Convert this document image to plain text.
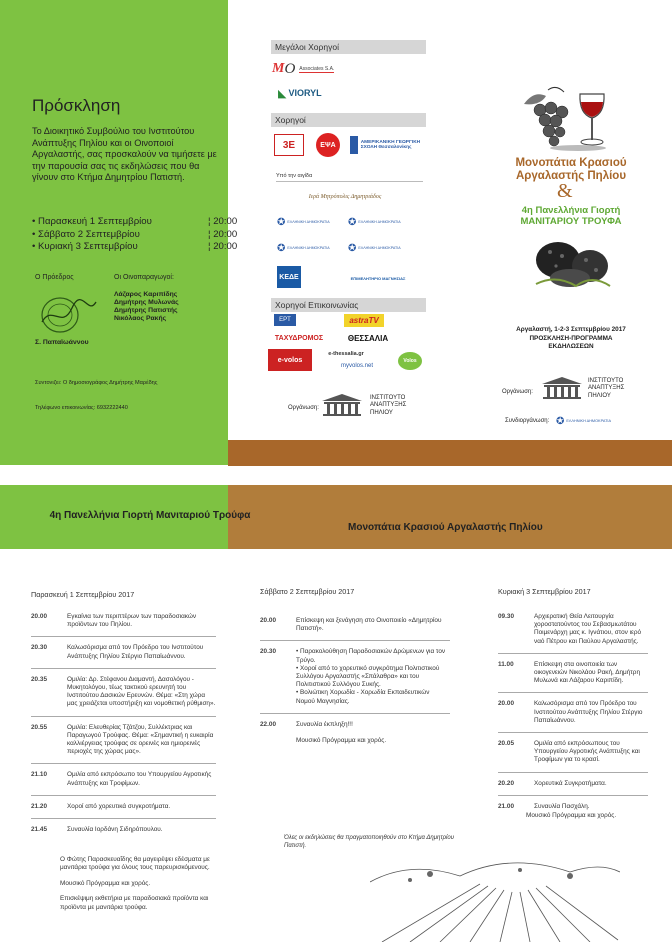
Πρόσκληση
Το Διοικητικό Συμβούλιο του Ινστιτούτου Ανάπτυξης Πηλίου και οι Οινοποιοί Αργαλαστής, σας προσκαλούν να τιμήσετε με την παρουσία σας τις εκδηλώσεις που θα γίνουν στο Κτήμα Δημητρίου Πατιστή.
• Παρασκευή 1 Σεπτεμβρίου	¦ 20:00
• Σάββατο 2 Σεπτεμβρίου	¦ 20:00
• Κυριακή 3 Σεπτεμβρίου	¦ 20:00
Ο Πρόεδρος	Οι Οινοπαραγωγοί:
Λάζαρος Καριπίδης
Δημήτρης Μυλωνάς
Δημήτρης Πατιστής
Νικόλαος Ρακής
Σ. Παπαϊωάννου
Συντονιζει: Ο δημοσιογράφος Δημήτρης Μαρέδης
Τηλέφωνο επικοινωνίας: 6932222440
Μεγάλοι Χορηγοί
M O Associates S.A.
◣ VIORYL
Χορηγοί
3Ε	ΕΨΑ	ΑΜΕΡΙΚΑΝΙΚΗ ΓΕΩΡΓΙΚΗ ΣΧΟΛΗ Θεσσαλονίκης
Υπό την αιγίδα
Ιερά Μητρόπολις Δημητριάδος
✪ ΕΛΛΗΝΙΚΗ ΔΗΜΟΚΡΑΤΙΑ ✪ ΕΛΛΗΝΙΚΗ ΔΗΜΟΚΡΑΤΙΑ
✪ ΕΛΛΗΝΙΚΗ ΔΗΜΟΚΡΑΤΙΑ ✪ ΕΛΛΗΝΙΚΗ ΔΗΜΟΚΡΑΤΙΑ
ΚΕΔΕ	ΕΠΙΜΕΛΗΤΗΡΙΟ ΜΑΓΝΗΣΙΑΣ
Χορηγοί Επικοινωνίας
ΕΡΤ	astraTV
ΤΑΧΥΔΡΟΜΟΣ	ΘΕΣΣΑΛΙΑ
e-volos
e-thessalia.gr
myvolos.net
Volos
Οργάνωση:
ΙΝΣΤΙΤΟΥΤΟ ΑΝΑΠΤΥΞΗΣ ΠΗΛΙΟΥ
Μονοπάτια Κρασιού Αργαλαστής Πηλίου
&
4η Πανελλήνια Γιορτή ΜΑΝΙΤΑΡΙΟΥ ΤΡΟΥΦΑ
Αργαλαστή, 1-2-3 Σεπτεμβρίου 2017
ΠΡΟΣΚΛΗΣΗ-ΠΡΟΓΡΑΜΜΑ
ΕΚΔΗΛΩΣΕΩΝ
Οργάνωση:
ΙΝΣΤΙΤΟΥΤΟ ΑΝΑΠΤΥΞΗΣ ΠΗΛΙΟΥ
Συνδιοργάνωση: ✪ ΕΛΛΗΝΙΚΗ ΔΗΜΟΚΡΑΤΙΑ
4η Πανελλήνια Γιορτή Μανιταριού Τρούφα
Μονοπάτια Κρασιού Αργαλαστής Πηλίου
Παρασκευή 1 Σεπτεμβρίου 2017
20.00	Εγκαίνια των περιπτέρων των παραδοσιακών προϊόντων του Πηλίου.
20.30	Καλωσόρισμα από τον Πρόεδρο του Ινστιτούτου Ανάπτυξης Πηλίου Στέργιο Παπαϊωάννου.
20.35	Ομιλία: Δρ. Στέφανου Διαμαντή, Δασολόγου - Μυκητολόγου, τέως τακτικού ερευνητή του Ινστιτούτου Δασικών Ερευνών. Θέμα: «Στη χώρα μας χρειάζεται υποστήριξη και νομοθετική ρύθμιση».
20.55	Ομιλία: Ελευθερίας Τζάτζου, Συλλέκτριας και Παραγωγού Τρούφας. Θέμα: «Σημαντική η ευκαιρία καλλιέργειας τρούφας σε ορεινές και ημιορεινές περιοχές της χώρας μας».
21.10	Ομιλία από εκπρόσωπο του Υπουργείου Αγροτικής Ανάπτυξης και Τροφίμων.
21.20	Χοροί από χορευτικά συγκροτήματα.
21.45	Συναυλία Ιορδάνη Σιδηρόπουλου.
Ο Φώτης Παρασκευαΐδης θα μαγειρέψει εδέσματα με μανιτάρια τρούφα για όλους τους παρευρισκόμενους.
Μουσικό Πρόγραμμα και χορός.
Επισκέψιμη εκθετήρια με παραδοσιακά προϊόντα και προϊόντα με μανιτάρια τρούφα.
Σάββατο 2 Σεπτεμβρίου 2017
20.00	Επίσκεψη και ξενάγηση στο Οινοποιείο «Δημητρίου Πατιστή».
20.30	• Παρακολούθηση Παραδοσιακών Δρώμενων για τον Τρύγο.
• Χοροί από το χορευτικό συγκρότημα Πολιτιστικού Συλλόγου Αργαλαστής «Σπάλαθρα» και του Πολιτιστικού Συλλόγου Συκής.
• Βολιώτικη Χορωδία - Χορωδία Εκπαιδευτικών Νομού Μαγνησίας.
22.00	Συναυλία έκπληξη!!!

Μουσικό Πρόγραμμα και χορός.
Όλες οι εκδηλώσεις θα πραγματοποιηθούν στο Κτήμα Δημητρίου Πατιστή.
Κυριακή 3 Σεπτεμβρίου 2017
09.30	Αρχιερατική Θεία Λειτουργία χοροστατούντος του Σεβασμιωτάτου Ποιμενάρχη μας κ. Ιγνάτιου, στον ιερό ναό Πέτρου και Παύλου Αργαλαστής.
11.00	Επίσκεψη στα οινοποιεία των οικογενειών Νικολάου Ρακή, Δημήτρη Μυλωνά και Λάζαρου Καριπίδη.
20.00	Καλωσόρισμα από τον Πρόεδρο του Ινστιτούτου Ανάπτυξης Πηλίου Στέργιο Παπαϊωάννου.
20.05	Ομιλία από εκπρόσωπους του Υπουργείου Αγροτικής Ανάπτυξης και Τροφίμων για το κρασί.
20.20	Χορευτικά Συγκροτήματα.
21.00	Συναυλία Πασχάλη.
Μουσικό Πρόγραμμα και χορός.
